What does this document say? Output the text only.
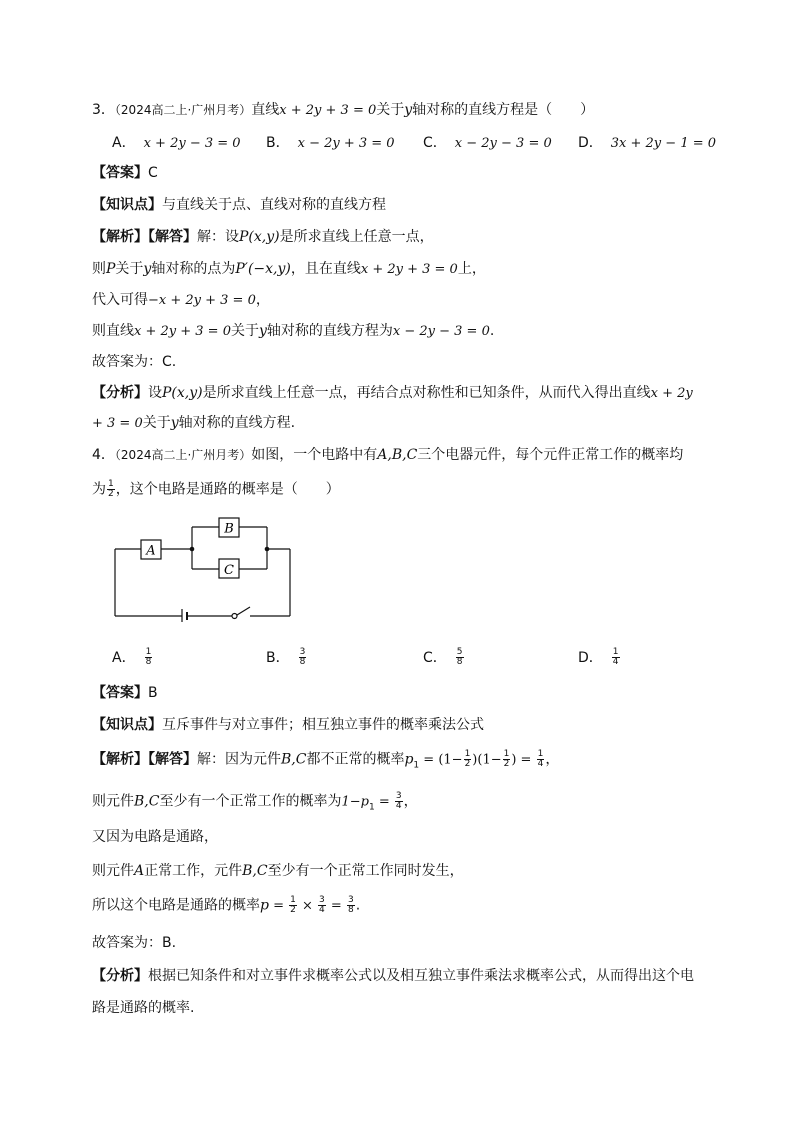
3．（2024高二上·广州月考）直线x + 2y + 3 = 0关于y轴对称的直线方程是（　　）
A． x + 2y − 3 = 0 B． x − 2y + 3 = 0 C． x − 2y − 3 = 0 D． 3x + 2y − 1 = 0
【答案】C
【知识点】与直线关于点、直线对称的直线方程
【解析】【解答】解：设P(x,y)是所求直线上任意一点，
则P关于y轴对称的点为P′(−x,y)，且在直线x + 2y + 3 = 0上，
代入可得−x + 2y + 3 = 0，
则直线x + 2y + 3 = 0关于y轴对称的直线方程为x − 2y − 3 = 0.
故答案为：C.
【分析】设P(x,y)是所求直线上任意一点，再结合点对称性和已知条件，从而代入得出直线x + 2y
+ 3 = 0关于y轴对称的直线方程.
4．（2024高二上·广州月考）如图，一个电路中有A,B,C三个电器元件，每个元件正常工作的概率均
为 $\frac{1}{2}$ ，这个电路是通路的概率是（　　）
A
B
C
A． $\frac{1}{8}$	B． $\frac{3}{8}$	C． $\frac{5}{8}$	D． $\frac{1}{4}$
【答案】B
【知识点】互斥事件与对立事件；相互独立事件的概率乘法公式
【解析】【解答】解：因为元件B,C都不正常的概率$p_1 = (1- \frac{1}{2} )(1- \frac{1}{2}$ ) = $\frac{1}{4}$ ，
则元件B,C至少有一个正常工作的概率为$1-p_1 = \frac{3}{4}$ ，
又因为电路是通路，
则元件A正常工作，元件B,C至少有一个正常工作同时发生，
所以这个电路是通路的概率$p = \frac{1}{2} \times \frac{3}{4} = \frac{3}{8}$ .
故答案为：B.
【分析】根据已知条件和对立事件求概率公式以及相互独立事件乘法求概率公式，从而得出这个电
路是通路的概率.
